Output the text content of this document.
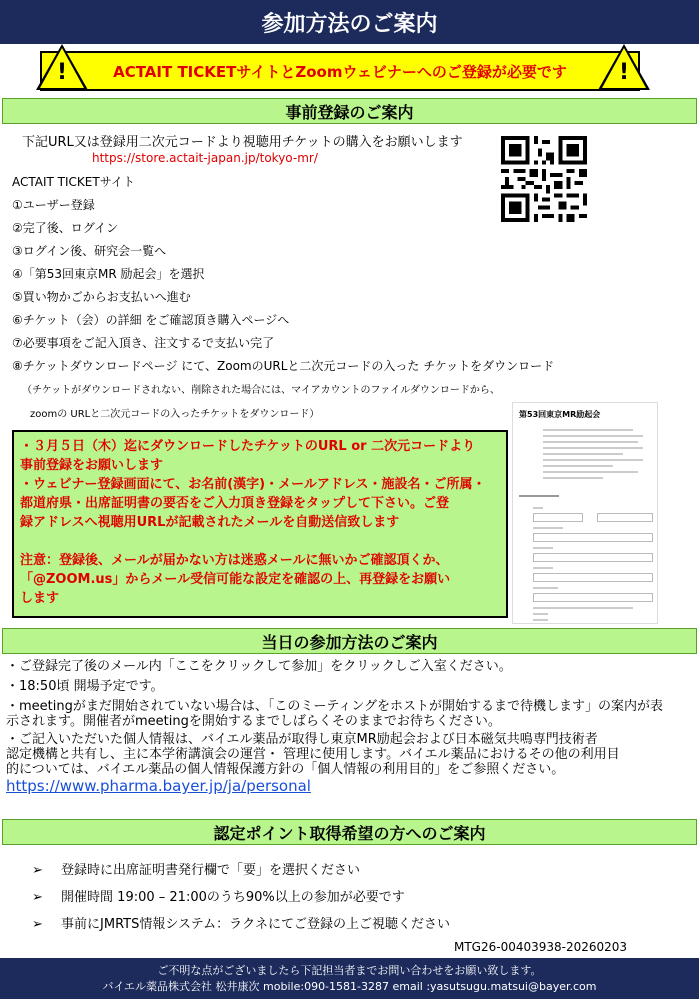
参加方法のご案内
ACTAIT TICKETサイトとZoomウェビナーへのご登録が必要です
!	!
事前登録のご案内
下記URL又は登録用二次元コードより視聴用チケットの購入をお願いします
https://store.actait-japan.jp/tokyo-mr/
ACTAIT TICKETサイト
①ユーザー登録
②完了後、ログイン
③ログイン後、研究会一覧へ
④「第53回東京MR 励起会」を選択
⑤買い物かごからお支払いへ進む
⑥チケット（会）の詳細 をご確認頂き購入ページへ
⑦必要事項をご記入頂き、注文するで支払い完了
⑧チケットダウンロードページ にて、ZoomのURLと二次元コードの入った チケットをダウンロード
（チケットがダウンロードされない、削除された場合には、マイアカウントのファイルダウンロードから、
zoomの URLと二次元コードの入ったチケットをダウンロード）
・３月５日（木）迄にダウンロードしたチケットのURL or 二次元コードより
事前登録をお願いします
・ウェビナー登録画面にて、お名前(漢字)・メールアドレス・施設名・ご所属・
都道府県・出席証明書の要否をご入力頂き登録をタップして下さい。ご登
録アドレスへ視聴用URLが記載されたメールを自動送信致します
注意：登録後、メールが届かない方は迷惑メールに無いかご確認頂くか、
「@ZOOM.us」からメール受信可能な設定を確認の上、再登録をお願い
します
第53回東京MR励起会
当日の参加方法のご案内
・ご登録完了後のメール内「ここをクリックして参加」をクリックしご入室ください。
・18:50頃 開場予定です。
・meetingがまだ開始されていない場合は、「このミーティングをホストが開始するまで待機します」の案内が表
示されます。開催者がmeetingを開始するまでしばらくそのままでお待ちください。
・ご記入いただいた個人情報は、バイエル薬品が取得し東京MR励起会および日本磁気共鳴専門技術者
認定機構と共有し、主に本学術講演会の運営・ 管理に使用します。バイエル薬品におけるその他の利用目
的については、バイエル薬品の個人情報保護方針の「個人情報の利用目的」をご参照ください。
https://www.pharma.bayer.jp/ja/personal
認定ポイント取得希望の方へのご案内
➢ 登録時に出席証明書発行欄で「要」を選択ください
➢ 開催時間 19:00 – 21:00のうち90%以上の参加が必要です
➢ 事前にJMRTS情報システム：ラクネにてご登録の上ご視聴ください
MTG26-00403938-20260203
ご不明な点がございましたら下記担当者までお問い合わせをお願い致します。
バイエル薬品株式会社 松井康次 mobile:090-1581-3287 email :yasutsugu.matsui@bayer.com
